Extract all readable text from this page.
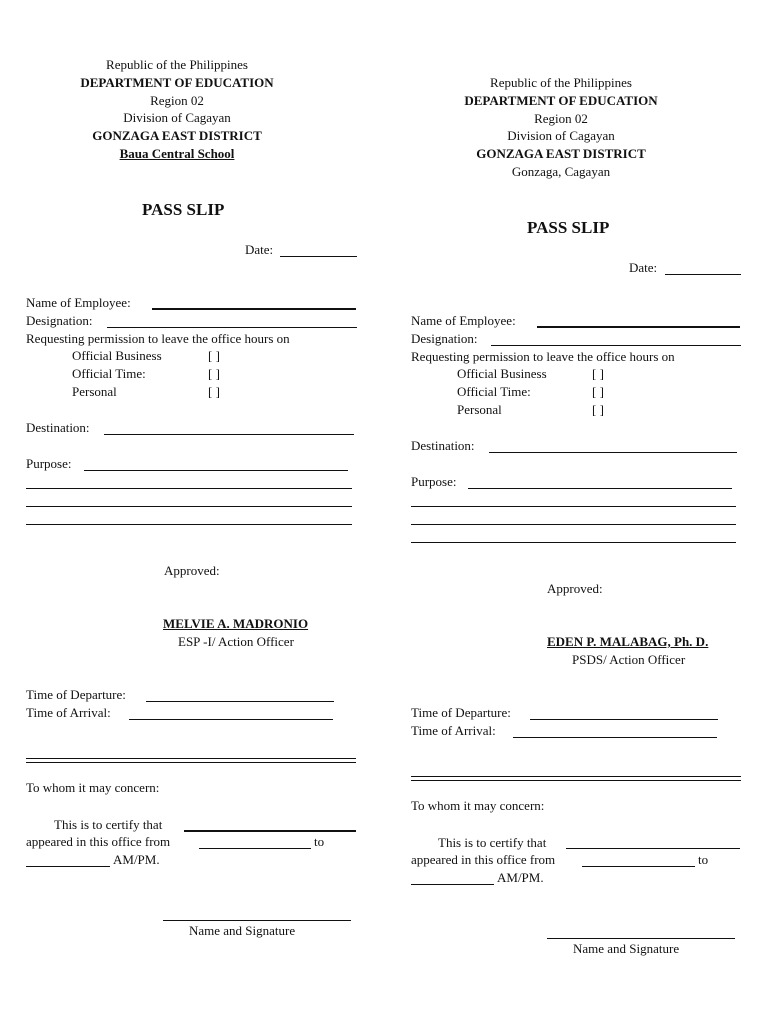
Republic of the Philippines
DEPARTMENT OF EDUCATION
Region 02
Division of Cagayan
GONZAGA EAST DISTRICT
Baua Central School
PASS SLIP
Date:
Name of Employee:
Designation:
Requesting permission to leave the office hours on
Official Business	[ ]
Official Time:	[ ]
Personal	[ ]
Destination:
Purpose:
Approved:
MELVIE A. MADRONIO
ESP -I/ Action Officer
Time of Departure:
Time of Arrival:
To whom it may concern:
This is to certify that
appeared in this office from	to
AM/PM.
Name and Signature
Republic of the Philippines
DEPARTMENT OF EDUCATION
Region 02
Division of Cagayan
GONZAGA EAST DISTRICT
Gonzaga, Cagayan
PASS SLIP
Date:
Name of Employee:
Designation:
Requesting permission to leave the office hours on
Official Business	[ ]
Official Time:	[ ]
Personal	[ ]
Destination:
Purpose:
Approved:
EDEN P. MALABAG, Ph. D.
PSDS/ Action Officer
Time of Departure:
Time of Arrival:
To whom it may concern:
This is to certify that
appeared in this office from	to
AM/PM.
Name and Signature
